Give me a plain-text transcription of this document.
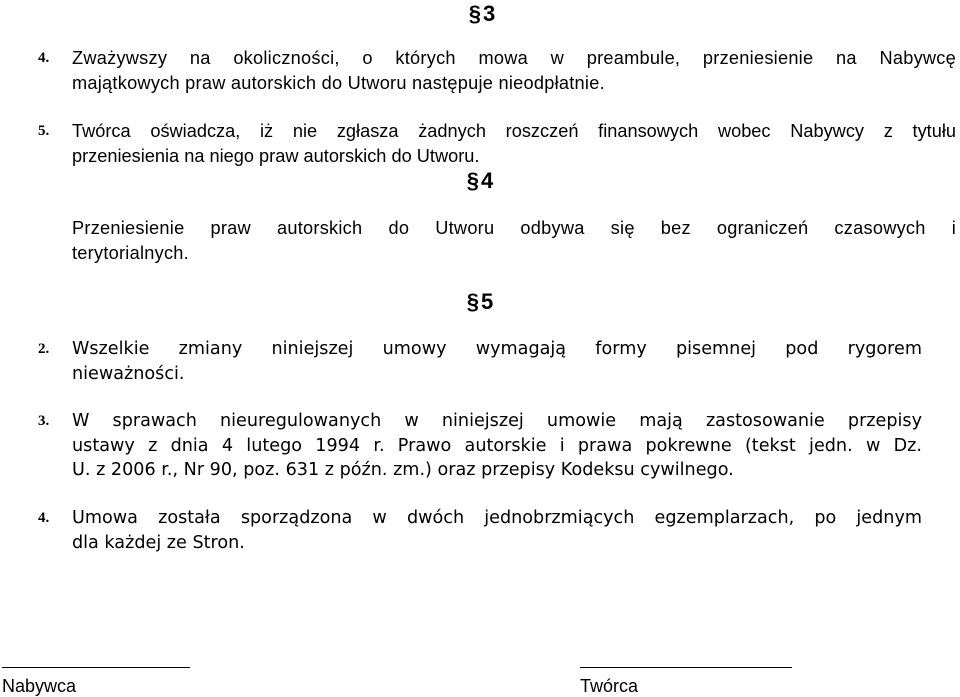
§3
4. Zważywszy na okoliczności, o których mowa w preambule, przeniesienie na Nabywcę
majątkowych praw autorskich do Utworu następuje nieodpłatnie.
5. Twórca oświadcza, iż nie zgłasza żadnych roszczeń finansowych wobec Nabywcy z tytułu
przeniesienia na niego praw autorskich do Utworu.
§4
Przeniesienie praw autorskich do Utworu odbywa się bez ograniczeń czasowych i
terytorialnych.
§5
2. Wszelkie zmiany niniejszej umowy wymagają formy pisemnej pod rygorem
nieważności.
3. W sprawach nieuregulowanych w niniejszej umowie mają zastosowanie przepisy
ustawy z dnia 4 lutego 1994 r. Prawo autorskie i prawa pokrewne (tekst jedn. w Dz.
U. z 2006 r., Nr 90, poz. 631 z późn. zm.) oraz przepisy Kodeksu cywilnego.
4. Umowa została sporządzona w dwóch jednobrzmiących egzemplarzach, po jednym
dla każdej ze Stron.
Nabywca	Twórca
